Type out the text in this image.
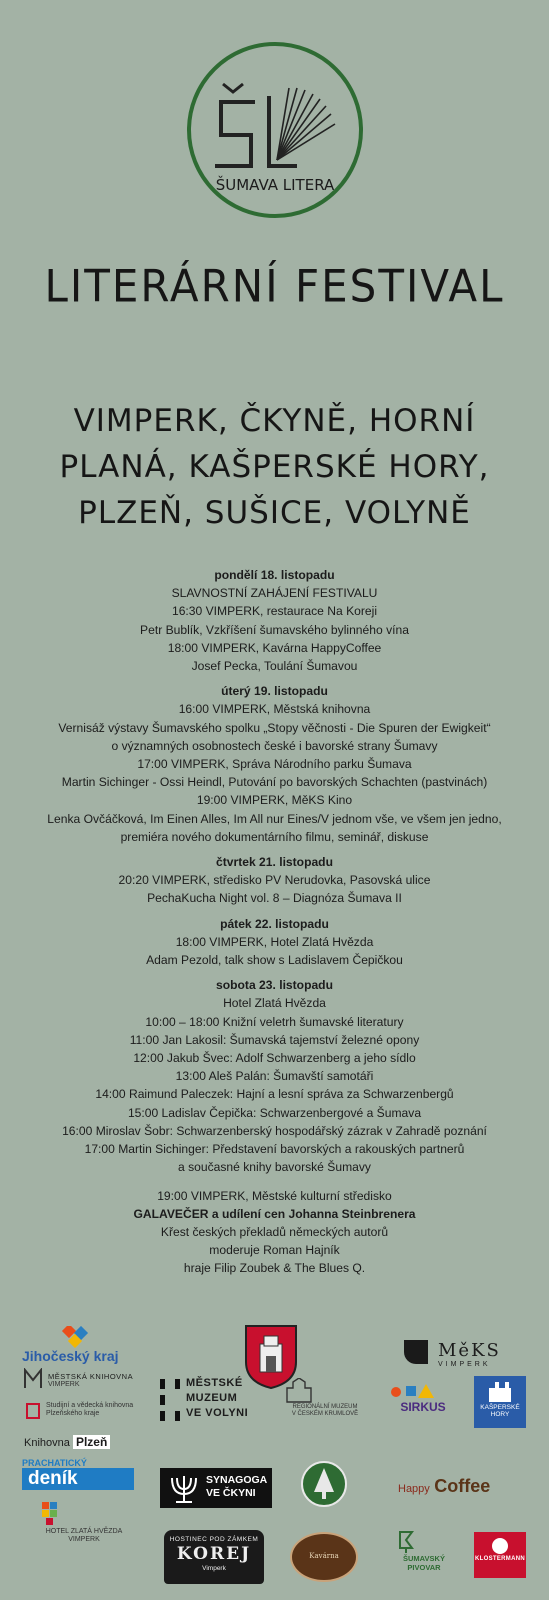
ŠUMAVA LITERA
LITERÁRNÍ FESTIVAL
VIMPERK, ČKYNĚ, HORNÍ
PLANÁ, KAŠPERSKÉ HORY,
PLZEŇ, SUŠICE, VOLYNĚ
pondělí 18. listopadu
SLAVNOSTNÍ ZAHÁJENÍ FESTIVALU
16:30 VIMPERK, restaurace Na Koreji
Petr Bublík, Vzkříšení šumavského bylinného vína
18:00 VIMPERK, Kavárna HappyCoffee
Josef Pecka, Toulání Šumavou
úterý 19. listopadu
16:00 VIMPERK, Městská knihovna
Vernisáž výstavy Šumavského spolku „Stopy věčnosti - Die Spuren der Ewigkeit“
o významných osobnostech české i bavorské strany Šumavy
17:00 VIMPERK, Správa Národního parku Šumava
Martin Sichinger - Ossi Heindl, Putování po bavorských Schachten (pastvinách)
19:00 VIMPERK, MěKS Kino
Lenka Ovčáčková, Im Einen Alles, Im All nur Eines/V jednom vše, ve všem jen jedno,
premiéra nového dokumentárního filmu, seminář, diskuse
čtvrtek 21. listopadu
20:20 VIMPERK, středisko PV Nerudovka, Pasovská ulice
PechaKucha Night vol. 8 – Diagnóza Šumava II
pátek 22. listopadu
18:00 VIMPERK, Hotel Zlatá Hvězda
Adam Pezold, talk show s Ladislavem Čepičkou
sobota 23. listopadu
Hotel Zlatá Hvězda
10:00 – 18:00 Knižní veletrh šumavské literatury
11:00 Jan Lakosil: Šumavská tajemství železné opony
12:00 Jakub Švec: Adolf Schwarzenberg a jeho sídlo
13:00 Aleš Palán: Šumavští samotáři
14:00 Raimund Paleczek: Hajní a lesní správa za Schwarzenbergů
15:00 Ladislav Čepička: Schwarzenbergové a Šumava
16:00 Miroslav Šobr: Schwarzenberský hospodářský zázrak v Zahradě poznání
17:00 Martin Sichinger: Představení bavorských a rakouských partnerů
a současné knihy bavorské Šumavy
19:00 VIMPERK, Městské kulturní středisko
GALAVEČER a udílení cen Johanna Steinbrenera
Křest českých překladů německých autorů
moderuje Roman Hajník
hraje Filip Zoubek & The Blues Q.
Jihočeský kraj
MĚSTSKÁ KNIHOVNA
VIMPERK
Studijní a vědecká knihovna
Plzeňského kraje
Knihovna Plzeň
PRACHATICKÝ
deník
HOTEL ZLATÁ HVĚZDA
VIMPERK
MěKS
VIMPERK
MĚSTSKÉ
MUZEUM
VE VOLYNI	REGIONÁLNÍ MUZEUM
V ČESKÉM KRUMLOVĚ	SIRKUS	KAŠPERSKÉ
HORY
SYNAGOGA
VE ČKYNI	Happy Coffee
HOSTINEC POD ZÁMKEM
KOREJ
Vimperk
Kavárna	ŠUMAVSKÝ
PIVOVAR
KLOSTERMANN
